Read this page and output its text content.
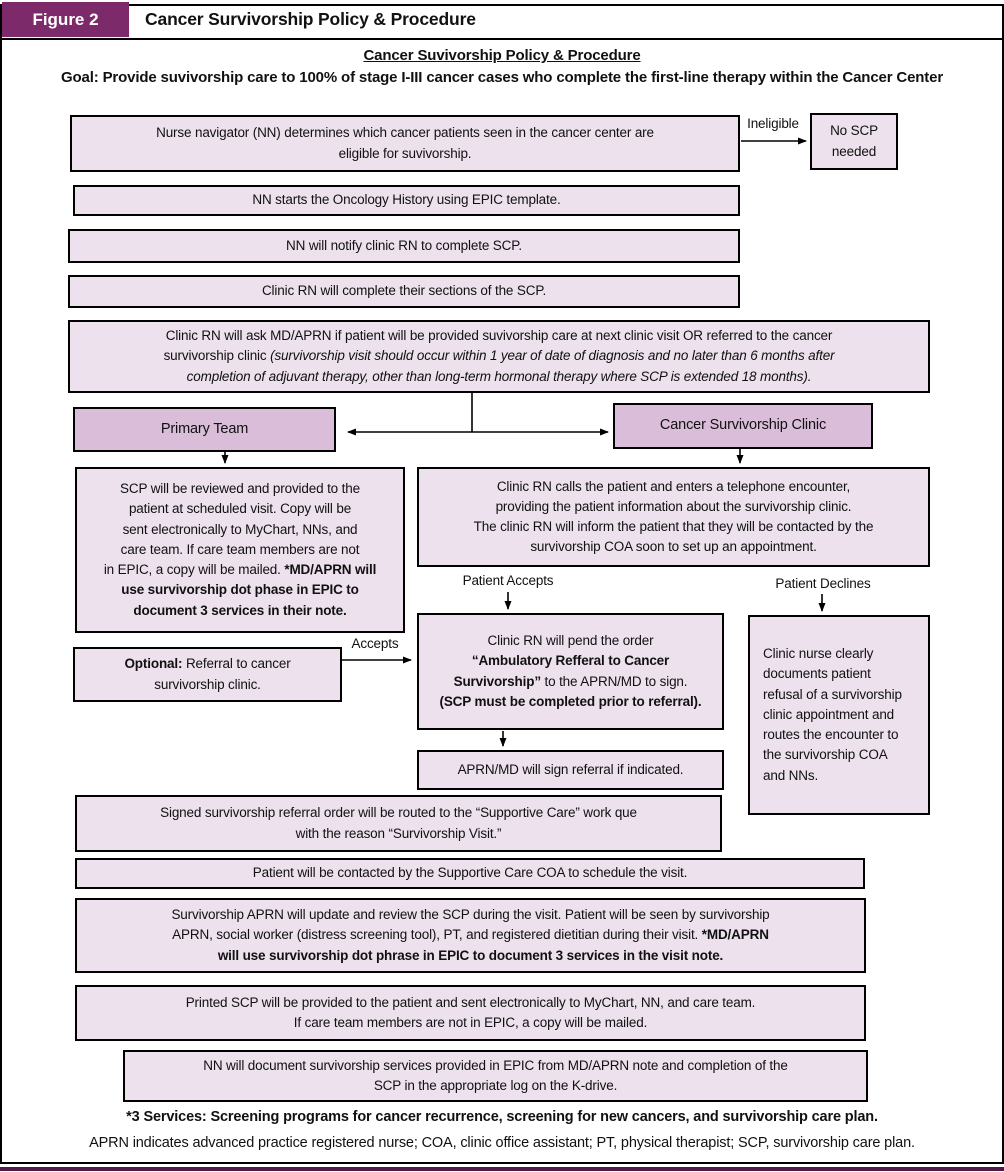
Figure 2	Cancer Survivorship Policy & Procedure
Cancer Suvivorship Policy & Procedure
Goal: Provide suvivorship care to 100% of stage I-III cancer cases who complete the first-line therapy within the Cancer Center
Nurse navigator (NN) determines which cancer patients seen in the cancer center are
eligible for suvivorship.
No SCP
needed
NN starts the Oncology History using EPIC template.
NN will notify clinic RN to complete SCP.
Clinic RN will complete their sections of the SCP.
Clinic RN will ask MD/APRN if patient will be provided suvivorship care at next clinic visit OR referred to the cancer
survivorship clinic (survivorship visit should occur within 1 year of date of diagnosis and no later than 6 months after
completion of adjuvant therapy, other than long-term hormonal therapy where SCP is extended 18 months).
Primary Team	Cancer Survivorship Clinic
SCP will be reviewed and provided to the
patient at scheduled visit. Copy will be
sent electronically to MyChart, NNs, and
care team. If care team members are not
in EPIC, a copy will be mailed. *MD/APRN will
use survivorship dot phase in EPIC to
document 3 services in their note.
Clinic RN calls the patient and enters a telephone encounter,
providing the patient information about the survivorship clinic.
The clinic RN will inform the patient that they will be contacted by the
survivorship COA soon to set up an appointment.
Optional: Referral to cancer
survivorship clinic.
Clinic RN will pend the order
“Ambulatory Refferal to Cancer
Survivorship” to the APRN/MD to sign.
(SCP must be completed prior to referral).
APRN/MD will sign referral if indicated.
Clinic nurse clearly
documents patient
refusal of a survivorship
clinic appointment and
routes the encounter to
the survivorship COA
and NNs.
Signed survivorship referral order will be routed to the “Supportive Care” work que
with the reason “Survivorship Visit.”
Patient will be contacted by the Supportive Care COA to schedule the visit.
Survivorship APRN will update and review the SCP during the visit. Patient will be seen by survivorship
APRN, social worker (distress screening tool), PT, and registered dietitian during their visit. *MD/APRN
will use survivorship dot phrase in EPIC to document 3 services in the visit note.
Printed SCP will be provided to the patient and sent electronically to MyChart, NN, and care team.
If care team members are not in EPIC, a copy will be mailed.
NN will document survivorship services provided in EPIC from MD/APRN note and completion of the
SCP in the appropriate log on the K-drive.
Ineligible
Patient Accepts	Patient Declines
Accepts
*3 Services: Screening programs for cancer recurrence, screening for new cancers, and survivorship care plan.
APRN indicates advanced practice registered nurse; COA, clinic office assistant; PT, physical therapist; SCP, survivorship care plan.
